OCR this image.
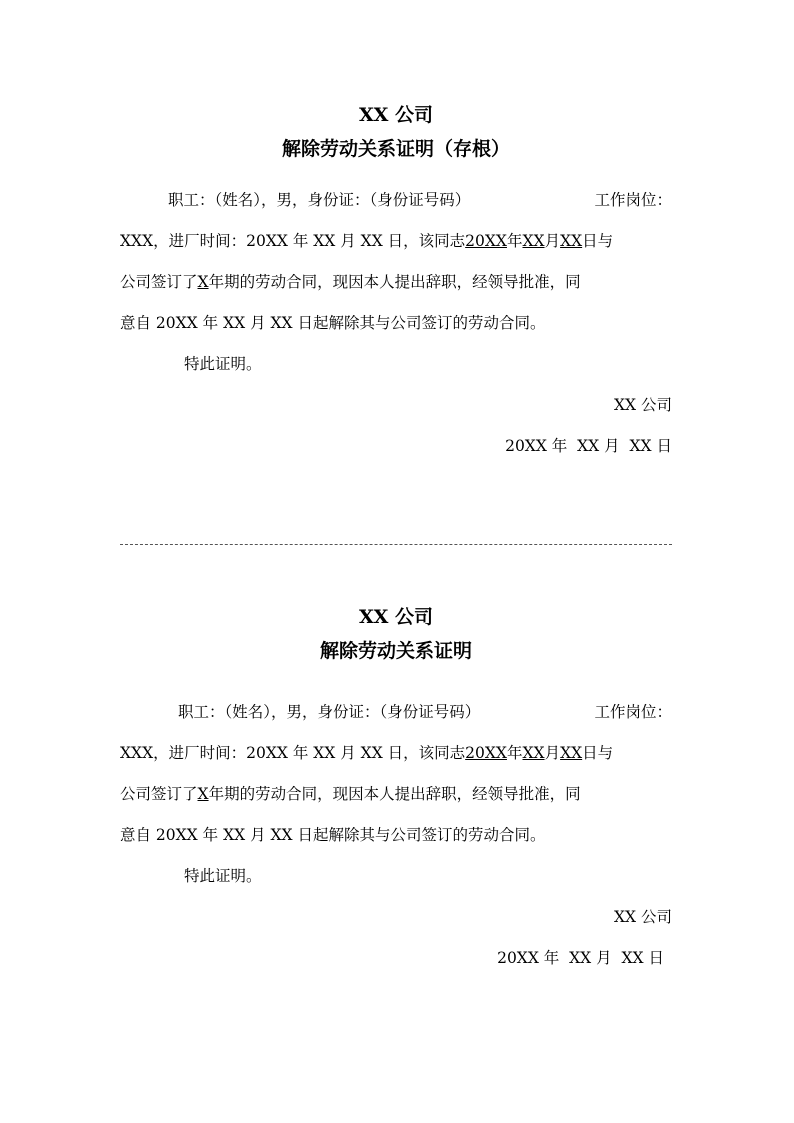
XX 公司
解除劳动关系证明（存根）
职工：（姓名），男，身份证：（身份证号码）	工作岗位：
XXX，进厂时间：20XX 年 XX 月 XX 日，该同志20XX年XX月XX日与
公司签订了X年期的劳动合同，现因本人提出辞职，经领导批准，同
意自 20XX 年 XX 月 XX 日起解除其与公司签订的劳动合同。
特此证明。
XX 公司
20XX 年  XX 月  XX 日
XX 公司
解除劳动关系证明
职工：（姓名），男，身份证：（身份证号码）	工作岗位：
XXX，进厂时间：20XX 年 XX 月 XX 日，该同志20XX年XX月XX日与
公司签订了X年期的劳动合同，现因本人提出辞职，经领导批准，同
意自 20XX 年 XX 月 XX 日起解除其与公司签订的劳动合同。
特此证明。
XX 公司
20XX 年  XX 月  XX 日
